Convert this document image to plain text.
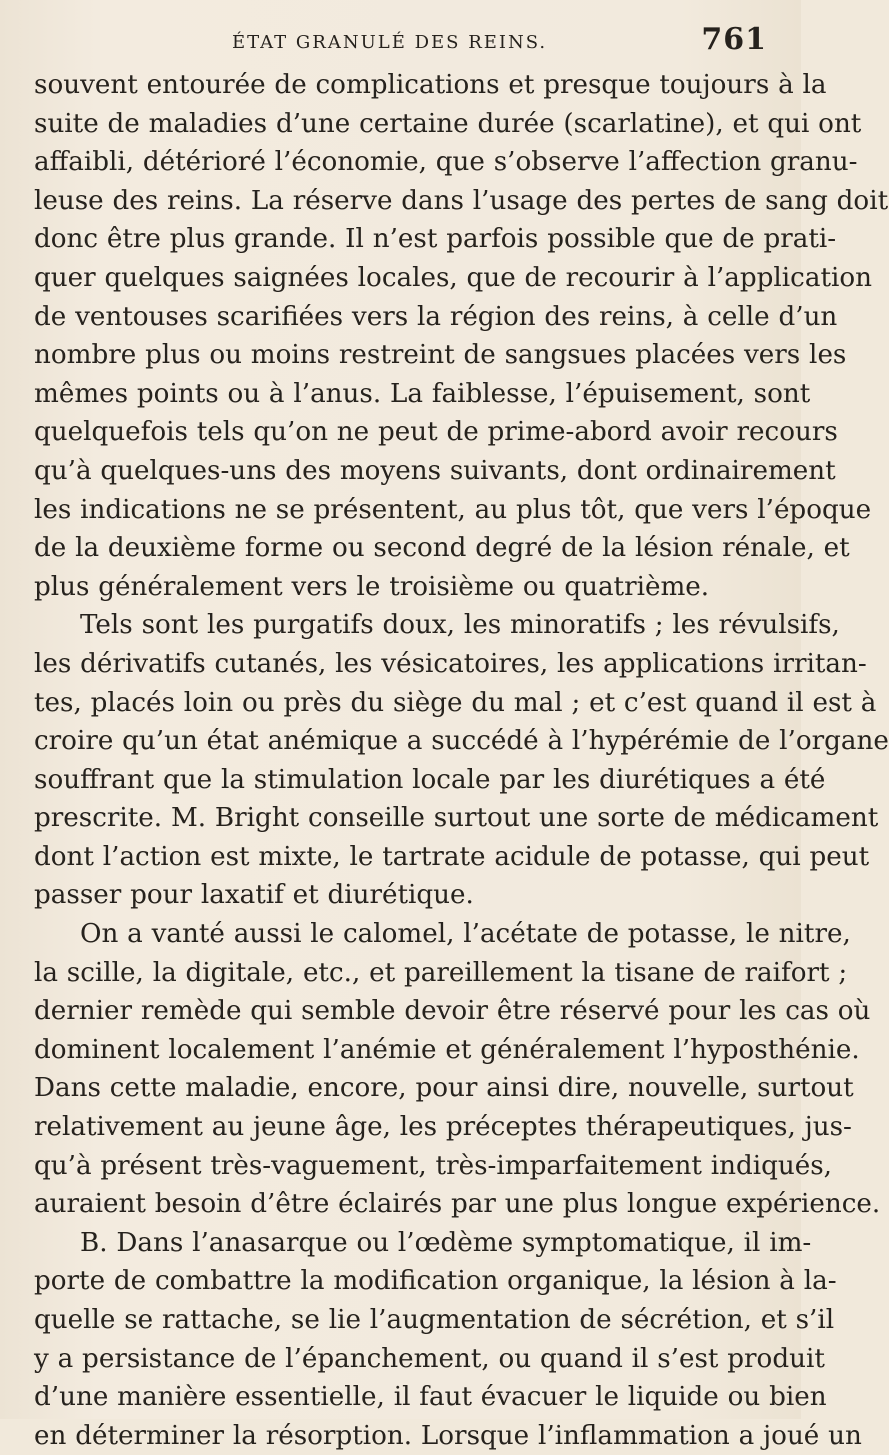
ÉTAT GRANULÉ DES REINS.	761
souvent entourée de complications et presque toujours à la
suite de maladies d’une certaine durée (scarlatine), et qui ont
affaibli, détérioré l’économie, que s’observe l’affection granu-
leuse des reins. La réserve dans l’usage des pertes de sang doit
donc être plus grande. Il n’est parfois possible que de prati-
quer quelques saignées locales, que de recourir à l’application
de ventouses scarifiées vers la région des reins, à celle d’un
nombre plus ou moins restreint de sangsues placées vers les
mêmes points ou à l’anus. La faiblesse, l’épuisement, sont
quelquefois tels qu’on ne peut de prime-abord avoir recours
qu’à quelques-uns des moyens suivants, dont ordinairement
les indications ne se présentent, au plus tôt, que vers l’époque
de la deuxième forme ou second degré de la lésion rénale, et
plus généralement vers le troisième ou quatrième.
Tels sont les purgatifs doux, les minoratifs ; les révulsifs,
les dérivatifs cutanés, les vésicatoires, les applications irritan-
tes, placés loin ou près du siège du mal ; et c’est quand il est à
croire qu’un état anémique a succédé à l’hypérémie de l’organe
souffrant que la stimulation locale par les diurétiques a été
prescrite. M. Bright conseille surtout une sorte de médicament
dont l’action est mixte, le tartrate acidule de potasse, qui peut
passer pour laxatif et diurétique.
On a vanté aussi le calomel, l’acétate de potasse, le nitre,
la scille, la digitale, etc., et pareillement la tisane de raifort ;
dernier remède qui semble devoir être réservé pour les cas où
dominent localement l’anémie et généralement l’hyposthénie.
Dans cette maladie, encore, pour ainsi dire, nouvelle, surtout
relativement au jeune âge, les préceptes thérapeutiques, jus-
qu’à présent très-vaguement, très-imparfaitement indiqués,
auraient besoin d’être éclairés par une plus longue expérience.
B. Dans l’anasarque ou l’œdème symptomatique, il im-
porte de combattre la modification organique, la lésion à la-
quelle se rattache, se lie l’augmentation de sécrétion, et s’il
y a persistance de l’épanchement, ou quand il s’est produit
d’une manière essentielle, il faut évacuer le liquide ou bien
en déterminer la résorption. Lorsque l’inflammation a joué un
